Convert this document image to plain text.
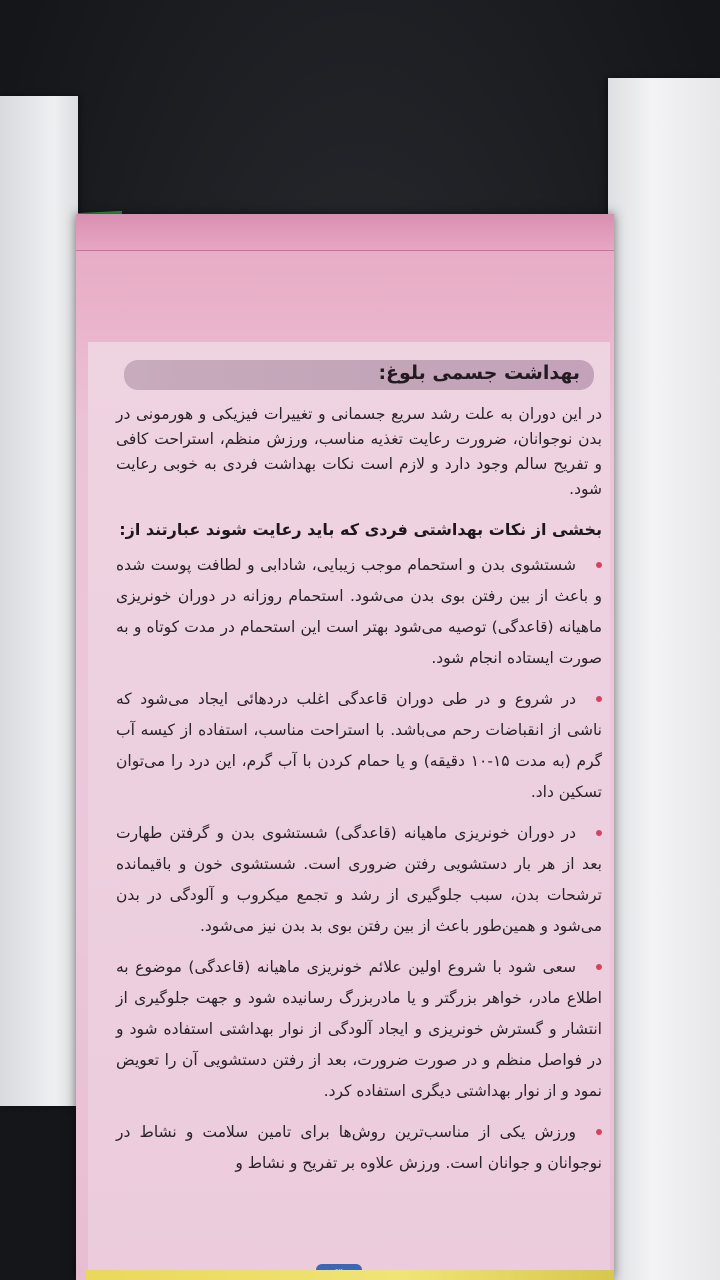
بهداشت جسمی بلوغ:
در این دوران به علت رشد سریع جسمانی و تغییرات فیزیکی و هورمونی در بدن نوجوانان، ضرورت رعایت تغذیه مناسب، ورزش منظم، استراحت کافی و تفریح سالم وجود دارد و لازم است نکات بهداشت فردی به خوبی رعایت شود.
بخشی از نکات بهداشتی فردی که باید رعایت شوند عبارتند از:
شستشوی بدن و استحمام موجب زیبایی، شادابی و لطافت پوست شده و باعث از بین رفتن بوی بدن می‌شود. استحمام روزانه در دوران خونریزی ماهیانه (قاعدگی) توصیه می‌شود بهتر است این استحمام در مدت کوتاه و به صورت ایستاده انجام شود.
در شروع و در طی دوران قاعدگی اغلب دردهائی ایجاد می‌شود که ناشی از انقباضات رحم می‌باشد. با استراحت مناسب، استفاده از کیسه آب گرم (به مدت ۱۵-۱۰ دقیقه) و یا حمام کردن با آب گرم، این درد را می‌توان تسکین داد.
در دوران خونریزی ماهیانه (قاعدگی) شستشوی بدن و گرفتن طهارت بعد از هر بار دستشویی رفتن ضروری است. شستشوی خون و باقیمانده ترشحات بدن، سبب جلوگیری از رشد و تجمع میکروب و آلودگی در بدن می‌شود و همین‌طور باعث از بین رفتن بوی بد بدن نیز می‌شود.
سعی شود با شروع اولین علائم خونریزی ماهیانه (قاعدگی) موضوع به اطلاع مادر، خواهر بزرگتر و یا مادربزرگ رسانیده شود و جهت جلوگیری از انتشار و گسترش خونریزی و ایجاد آلودگی از نوار بهداشتی استفاده شود و در فواصل منظم و در صورت ضرورت، بعد از رفتن دستشویی آن را تعویض نمود و از نوار بهداشتی دیگری استفاده کرد.
ورزش یکی از مناسب‌ترین روش‌ها برای تامین سلامت و نشاط در نوجوانان و جوانان است. ورزش علاوه بر تفریح و نشاط و
